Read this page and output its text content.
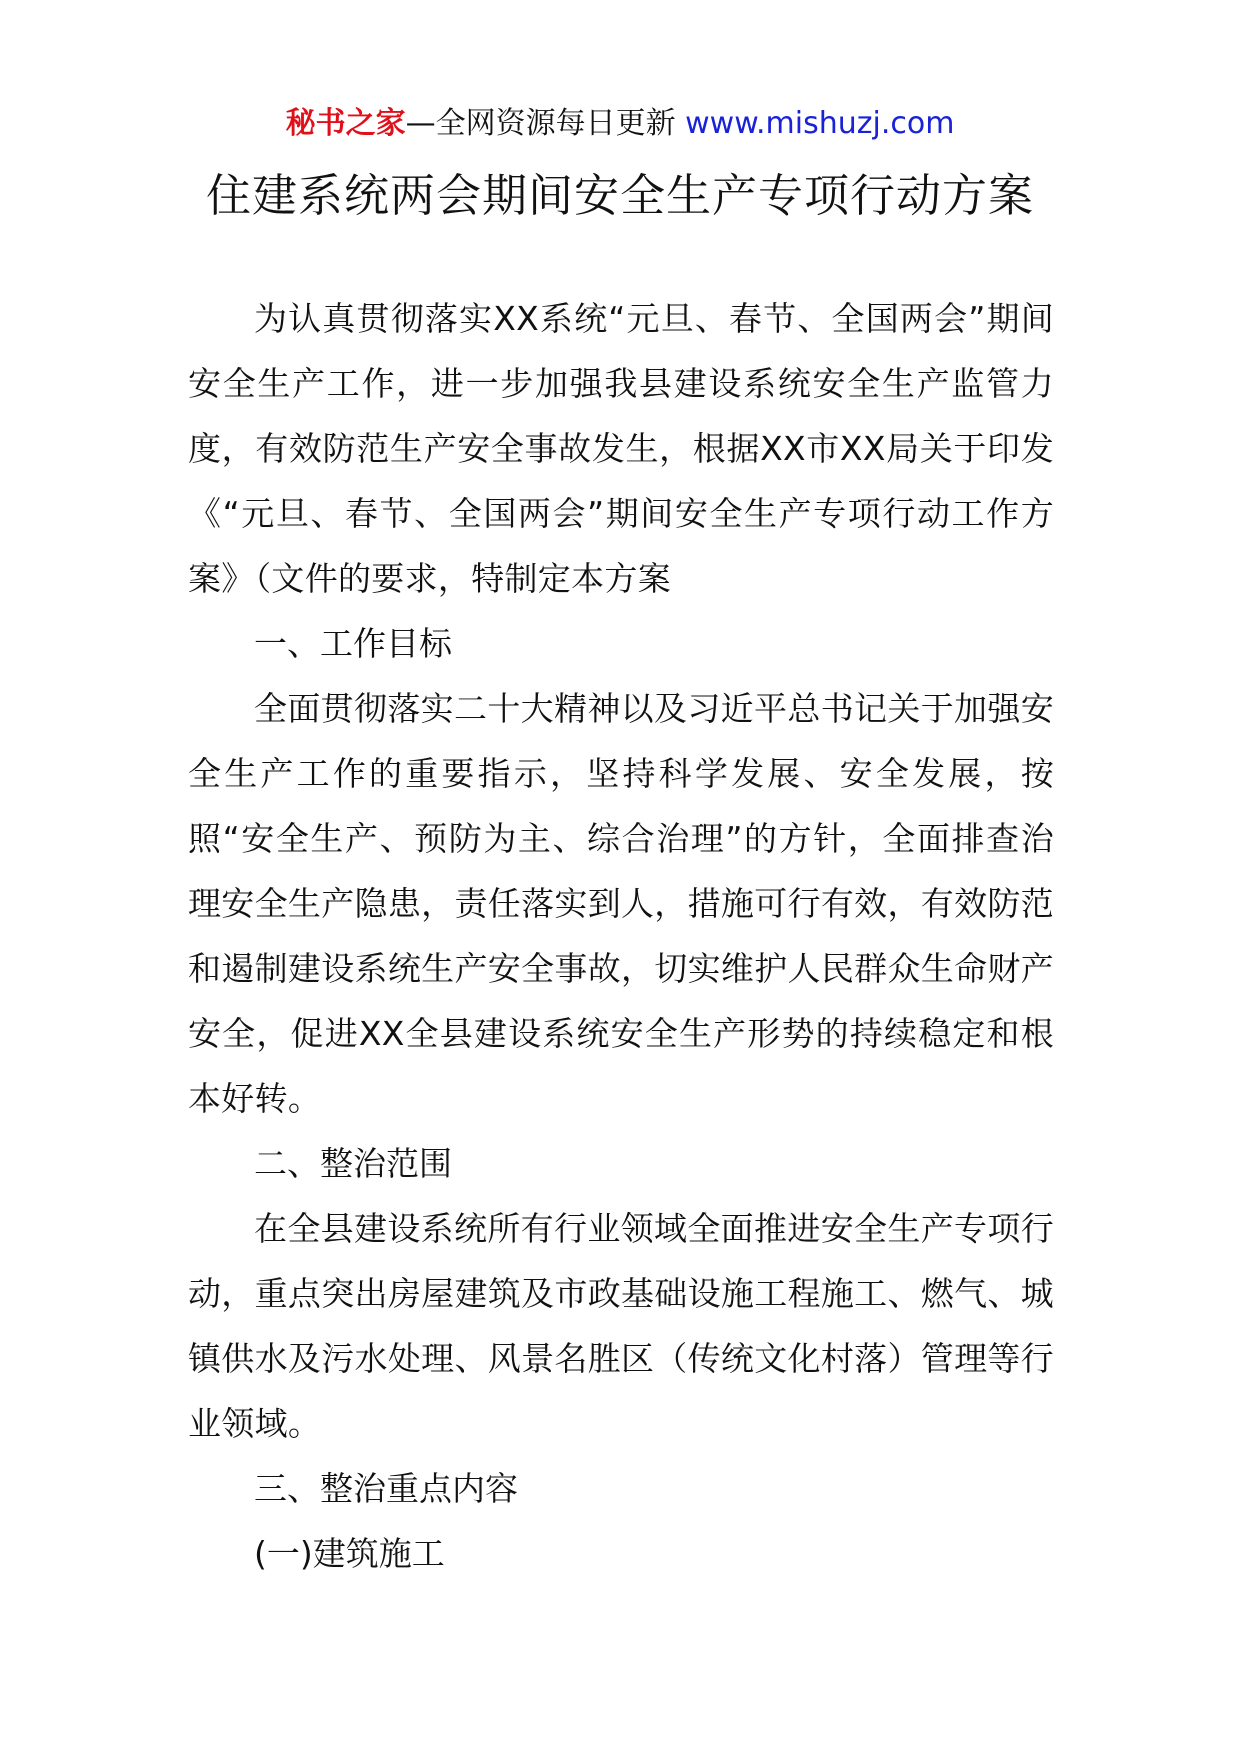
秘书之家—全网资源每日更新 www.mishuzj.com
住建系统两会期间安全生产专项行动方案

为认真贯彻落实XX系统“元旦、春节、全国两会”期间安全生产工作，进一步加强我县建设系统安全生产监管力度，有效防范生产安全事故发生，根据XX市XX局关于印发《“元旦、春节、全国两会”期间安全生产专项行动工作方案》（文件的要求，特制定本方案

一、工作目标

全面贯彻落实二十大精神以及习近平总书记关于加强安全生产工作的重要指示，坚持科学发展、安全发展，按照“安全生产、预防为主、综合治理”的方针，全面排查治理安全生产隐患，责任落实到人，措施可行有效，有效防范和遏制建设系统生产安全事故，切实维护人民群众生命财产安全，促进XX全县建设系统安全生产形势的持续稳定和根本好转。

二、整治范围

在全县建设系统所有行业领域全面推进安全生产专项行动，重点突出房屋建筑及市政基础设施工程施工、燃气、城镇供水及污水处理、风景名胜区（传统文化村落）管理等行业领域。

三、整治重点内容

(一)建筑施工
